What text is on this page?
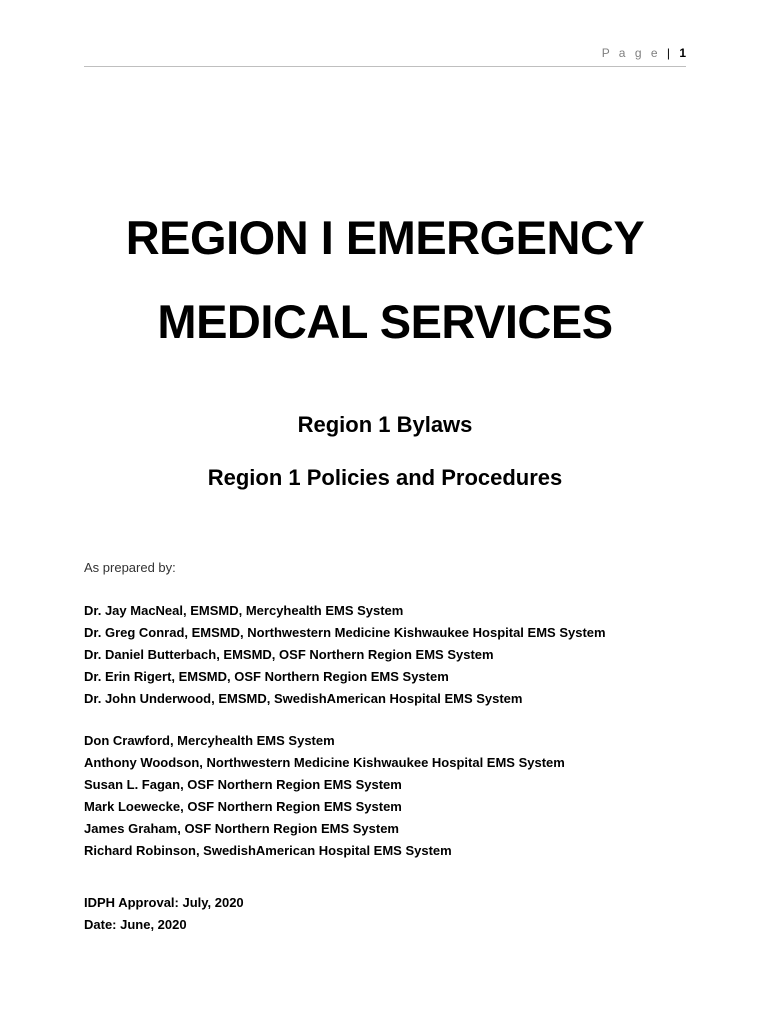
P a g e | 1
REGION I EMERGENCY
MEDICAL SERVICES
Region 1 Bylaws
Region 1 Policies and Procedures
As prepared by:
Dr. Jay MacNeal, EMSMD, Mercyhealth EMS System
Dr. Greg Conrad, EMSMD, Northwestern Medicine Kishwaukee Hospital EMS System
Dr. Daniel Butterbach, EMSMD, OSF Northern Region EMS System
Dr. Erin Rigert, EMSMD, OSF Northern Region EMS System
Dr. John Underwood, EMSMD, SwedishAmerican Hospital EMS System
Don Crawford, Mercyhealth EMS System
Anthony Woodson, Northwestern Medicine Kishwaukee Hospital EMS System
Susan L. Fagan, OSF Northern Region EMS System
Mark Loewecke, OSF Northern Region EMS System
James Graham, OSF Northern Region EMS System
Richard Robinson, SwedishAmerican Hospital EMS System
IDPH Approval: July, 2020
Date: June, 2020
